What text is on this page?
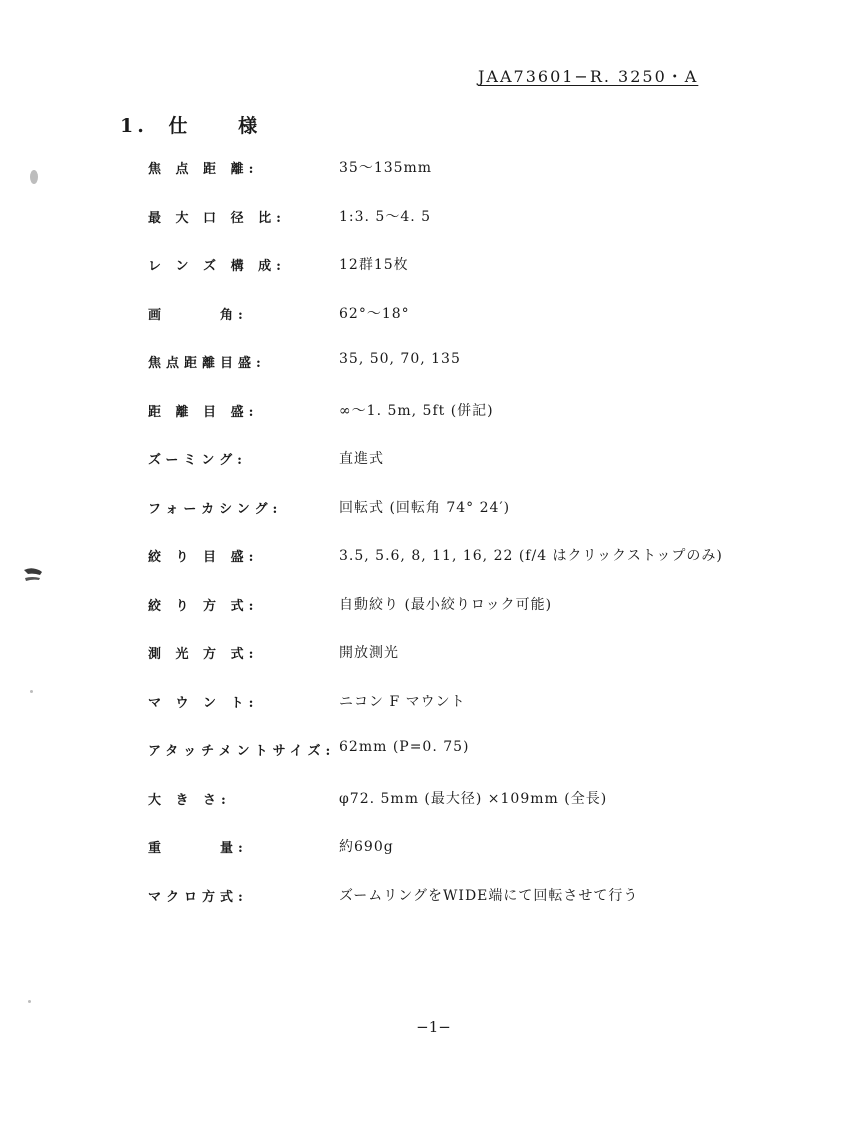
JAA73601−R. 3250・A
1. 仕 様
焦 点 距 離:	35〜135mm
最 大 口 径 比:	1:3. 5〜4. 5
レ ン ズ 構 成:	12群15枚
画　　　角:	62°〜18°
焦点距離目盛:	35, 50, 70, 135
距 離 目 盛:	∞〜1. 5m, 5ft (併記)
ズーミング:	直進式
フォーカシング:	回転式 (回転角 74° 24′)
絞 り 目 盛:	3.5, 5.6, 8, 11, 16, 22 (f/4 はクリックストップのみ)
絞 り 方 式:	自動絞り (最小絞りロック可能)
測 光 方 式:	開放測光
マ ウ ン ト:	ニコン F マウント
アタッチメントサイズ: 62mm (P=0. 75)
大 き さ:	φ72. 5mm (最大径) ×109mm (全長)
重　　　量:	約690g
マクロ方式:	ズームリングをWIDE端にて回転させて行う
−1−
